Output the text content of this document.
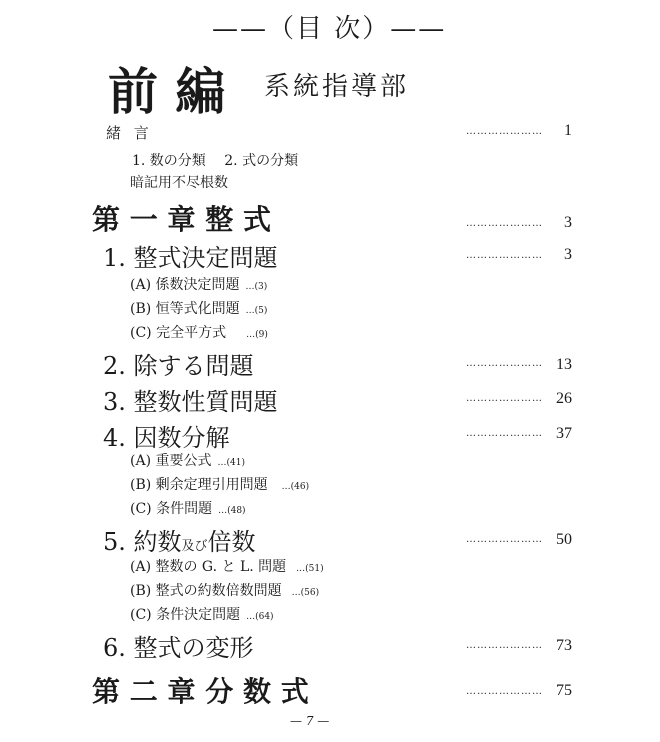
——（目 次）——
前 編 系統指導部
緒 言	………………… 1
1. 数の分類　 2. 式の分類
暗記用不尽根数
第 一 章 整 式	………………… 3
1. 整式決定問題	………………… 3
(A) 係数決定問題 …(3)
(B) 恒等式化問題 …(5)
(C) 完全平方式 …(9)
2. 除する問題	………………… 13
3. 整数性質問題	………………… 26
4. 因数分解	………………… 37
(A) 重要公式 …(41)
(B) 剰余定理引用問題 …(46)
(C) 条件問題 …(48)
5. 約数及び倍数	………………… 50
(A) 整数の G. と L. 問題 …(51)
(B) 整式の約数倍数問題 …(56)
(C) 条件決定問題 …(64)
6. 整式の変形	………………… 73
第 二 章 分 数 式	………………… 75
— 7 —
